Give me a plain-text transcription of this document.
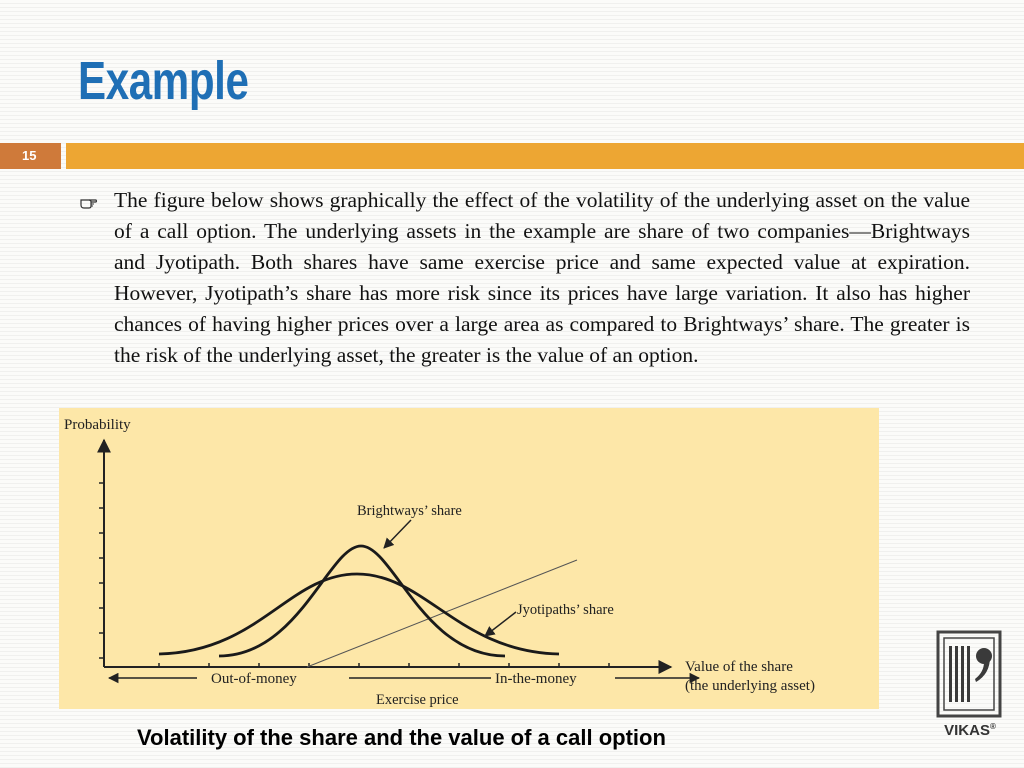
Example
15

The figure below shows graphically the effect of the volatility of the underlying asset on the value of a call option. The underlying assets in the example are share of two companies—Brightways and Jyotipath. Both shares have same exercise price and same expected value at expiration. However, Jyotipath’s share has more risk since its prices have large variation. It also has higher chances of having higher prices over a large area as compared to Brightways’ share. The greater is the risk of the underlying asset, the greater is the value of an option.

Probability
Brightways’ share
Jyotipaths’ share
Out-of-money	In-the-money
Exercise price
Value of the share
(the underlying asset)

Volatility of the share and the value of a call option	VIKAS®
